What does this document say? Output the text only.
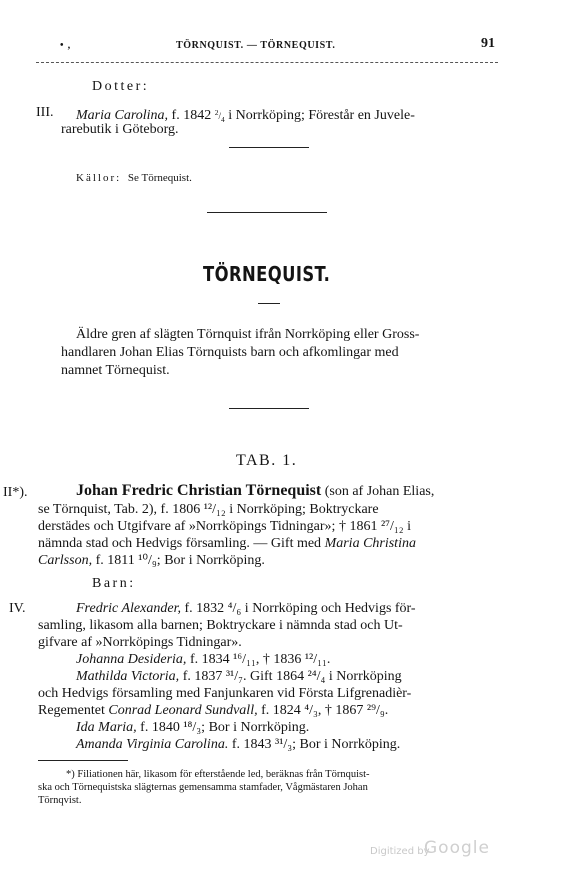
• ‚	TÖRNQUIST. — TÖRNEQUIST.	91
Dotter:
III. Maria Carolina, f. 1842 $^2/_4$ i Norrköping; Förestår en Juvele-
rarebutik i Göteborg.
Källor: Se Törnequist.
TÖRNEQUIST.
Äldre gren af slägten Törnquist ifrån Norrköping eller Gross-
handlaren Johan Elias Törnquists barn och afkomlingar med
namnet Törnequist.
TAB. 1.
II*).	Johan Fredric Christian Törnequist (son af Johan Elias,
se Törnquist, Tab. 2), f. 1806 ¹²/₁₂ i Norrköping; Boktryckare
derstädes och Utgifvare af »Norrköpings Tidningar»; † 1861 ²⁷/₁₂ i
nämnda stad och Hedvigs församling. — Gift med Maria Christina
Carlsson, f. 1811 ¹⁰/₉; Bor i Norrköping.
Barn:
IV.	Fredric Alexander, f. 1832 ⁴/₆ i Norrköping och Hedvigs för-
samling, likasom alla barnen; Boktryckare i nämnda stad och Ut-
gifvare af »Norrköpings Tidningar».
Johanna Desideria, f. 1834 ¹⁶/₁₁, † 1836 ¹²/₁₁.
Mathilda Victoria, f. 1837 ³¹/₇. Gift 1864 ²⁴/₄ i Norrköping
och Hedvigs församling med Fanjunkaren vid Första Lifgrenadièr-
Regementet Conrad Leonard Sundvall, f. 1824 ⁴/₃, † 1867 ²⁹/₉.
Ida Maria, f. 1840 ¹⁸/₃; Bor i Norrköping.
Amanda Virginia Carolina. f. 1843 ³¹/₃; Bor i Norrköping.
*) Filiationen här, likasom för efterstående led, beräknas från Törnquist-
ska och Törnequistska slägternas gemensamma stamfader, Vågmästaren Johan
Törnqvist.
Digitized by
Google
